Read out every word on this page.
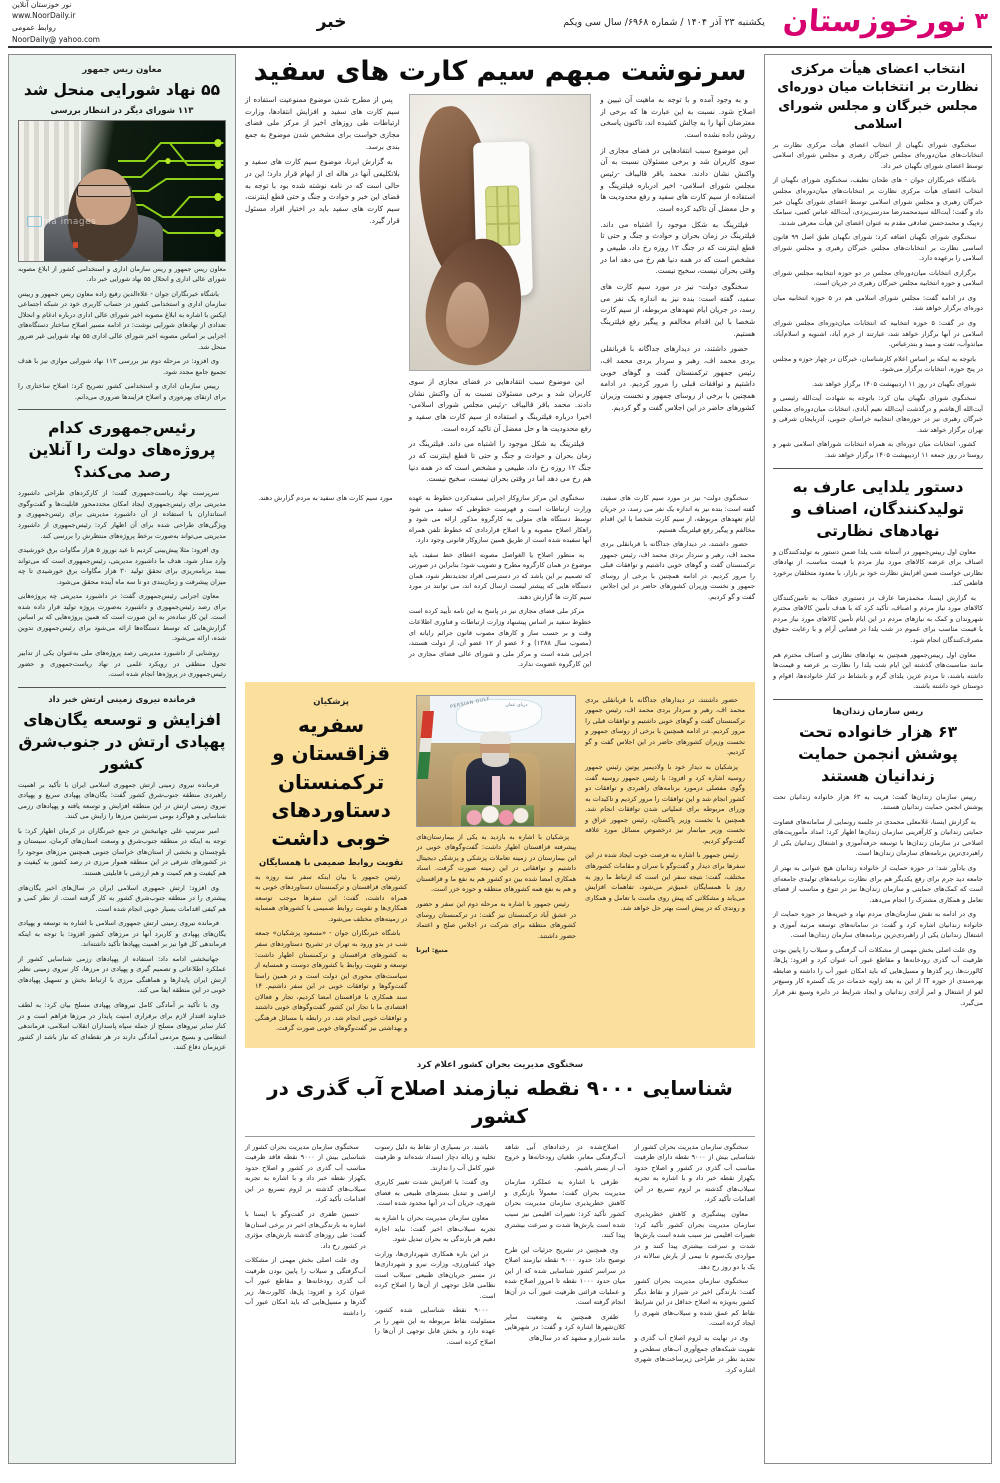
۳
نورخوزستان
یکشنبه ۲۳ آذر ۱۴۰۴ / شماره ۶۹۶۸/ سال سی ویکم
خبر
نور خوزستان آنلاین
www.NoorDaily.ir
روابط عمومی
NoorDaily@ yahoo.com
انتخاب اعضای هیأت مرکزی نظارت بر انتخابات میان دوره‌ای مجلس خبرگان و مجلس شورای اسلامی

سخنگوی شورای نگهبان از انتخاب اعضای هیأت مرکزی نظارت بر انتخابات‌های میان‌دوره‌ای مجلس خبرگان رهبری و مجلس شورای اسلامی توسط اعضای شورای نگهبان خبر داد.

باشگاه خبرنگاران جوان - های طحان نظیف، سخنگوی شورای نگهبان از انتخاب اعضای هیأت مرکزی نظارت بر انتخابات‌های میان‌دوره‌ای مجلس خبرگان رهبری و مجلس شورای اسلامی توسط اعضای شورای نگهبان خبر داد و گفت: آیت‌الله سیدمحمدرضا مدرسی‌یزدی، آیت‌الله عباس کعبی، سیامک ره‌پیک و محمدحسن صادقی مقدم به عنوان اعضای این هیأت معرفی شدند.

سخنگوی شورای نگهبان اضافه کرد: شورای نگهبان طبق اصل ۹۹ قانون اساسی نظارت بر انتخابات‌های مجلس خبرگان رهبری و مجلس شورای اسلامی را برعهده دارد.

برگزاری انتخابات میان‌دوره‌ای مجلس در دو حوزه انتخابیه مجلس شورای اسلامی و حوزه انتخابیه مجلس خبرگان رهبری در جریان است.

وی در ادامه گفت: مجلس شورای اسلامی هم در ۵ حوزه انتخابیه میان دوره‌ای برگزار خواهد شد.

وی در گفت: ۵ حوزه انتخابیه که انتخابات میان‌دوره‌ای مجلس شورای اسلامی در آنها برگزار خواهد شد، عبارتند از خرم آباد، اشنویه و اسلام‌آباد، میاندوآب، تفت و میبد و بندرعباس.

باتوجه به اینکه بر اساس اعلام کارشناسان، خبرگان در چهار حوزه و مجلس در پنج حوزه، انتخابات برگزار می‌شود.

شورای نگهبان در روز ۱۱ اردیبهشت ۱۴۰۵ برگزار خواهد شد.

سخنگوی شورای نگهبان بیان کرد: باتوجه به شهادت آیت‌الله رئیسی و آیت‌الله آل‌هاشم و درگذشت آیت‌الله نعیم آبادی، انتخابات میان‌دوره‌ای مجلس خبرگان رهبری نیز در حوزه‌های انتخابیه خراسان جنوبی، آذربایجان شرقی و تهران برگزار خواهد شد.

کشور، انتخابات میان دوره‌ای به همراه انتخابات شوراهای اسلامی شهر و روستا در روز جمعه ۱۱ اردیبهشت ۱۴۰۵ برگزار خواهد شد.

دستور یلدایی عارف به تولیدکنندگان، اصناف و نهادهای نظارتی

معاون اول رییس‌جمهور در آستانه شب یلدا ضمن دستور به تولیدکنندگان و اصناف برای عرضه کالاهای مورد نیاز مردم با قیمت مناسب، از نهادهای نظارتی خواست ضمن افزایش نظارت خود بر بازار، با معدود متخلفان برخورد قاطعی کند.

به گزارش ایسنا، محمدرضا عارف در دستوری خطاب به تامین‌کنندگان کالاهای مورد نیاز مردم و اصناف، تأکید کرد که با هدف تأمین کالاهای محترم شهروندان و کمک به نیازهای مردم در این ایام تأمین کالاهای مورد نیاز مردم با قیمت مناسب برای عموم در شب یلدا در فضایی آرام و با رعایت حقوق مصرف‌کنندگان انجام شود.

معاون اول رییس‌جمهور همچنین به نهادهای نظارتی و اصناف محترم هم مانند مناسبت‌های گذشته این ایام شب یلدا را نظارت بر عرضه و قیمت‌ها داشته باشند، تا مردم عزیز، یلدای گرم و بانشاط در کنار خانواده‌ها، اقوام و دوستان خود داشته باشند.

ریس سازمان زندان‌ها
۶۳ هزار خانواده تحت پوشش انجمن حمایت زندانیان هستند

رییس سازمان زندان‌ها گفت: قریب به ۶۳ هزار خانواده زندانیان تحت پوشش انجمن حمایت زندانیان هستند.

به گزارش ایسنا، غلامعلی محمدی در جلسه رونمایی از سامانه‌های قضاوت حمایتی زندانیان و کارآفرینی سازمان زندان‌ها اظهار کرد: امداد مأموریت‌های اصلاحی در سازمان زندان‌ها با توسعه حرفه‌آموزی و اشتغال زندانیان یکی از راهبردی‌ترین برنامه‌های سازمان زندان‌ها است.

وی یادآور شد: در حوزه حمایت از خانواده زندانیان هیچ عنوانی به بهتر از جامعه دید جرم برای رفع یکدیگر هم برای نظارت برنامه‌های تولیدی جامعه‌ای است که کمک‌های حمایتی و سازمان زندان‌ها نیز در تنوع و مناسب از فضای تعامل و همکاری مشترک را انجام می‌دهد.

وی در ادامه به نقش سازمان‌های مردم نهاد و خیریه‌ها در حوزه حمایت از خانواده زندانیان اشاره کرد و گفت: در سامانه‌های توسعه مرتبه آموزی و اشتغال زندانیان یکی از راهبردی‌ترین برنامه‌های سازمان زندان‌ها است.

وی علت اصلی بخش مهمی از مشکلات آب گرفتگی و سیلاب را پایین بودن ظرفیت آب گذری رودخانه‌ها و مقاطع عبور آب عنوان کرد و افزود: پل‌ها، کالورت‌ها، زیر گذرها و مسیل‌هایی که باید امکان عبور آب را داشته و ضابطه بهره‌مندی از حوزه IT از این به بعد زاویه خدمات در یک گستره کار وسیع‌تر لغو از اشتغال و امر آزادی زندانیان و ایجاد شرایط در دایره وسیع نفر فرار می‌گیرد.

سرنوشت مبهم سیم کارت های سفید

و به وجود آمده و با توجه به ماهیت آن تبیین و اصلاح شود. نسبت به این عبارت ها که برخی از معترضان آنها را به چالش کشیده اند، تاکنون پاسخی روشن داده نشده است.

این موضوع سبب انتقادهایی در فضای مجازی از سوی کاربران شد و برخی مسئولان نسبت به آن واکنش نشان دادند. محمد باقر قالیباف -رئیس مجلس شورای اسلامی- اخیر ادرباره فیلترینگ و استفاده از سیم کارت های سفید و رفع محدودیت ها و حل معضل آن تاکید کرده است.

فیلترینگ به شکل موجود را اشتباه می داند. فیلترینگ در زمان بحران و حوادث و جنگ و حتی تا قطع اینترنت که در جنگ ۱۲ روزه رخ داد، طبیعی و مشخص است که در همه دنیا هم رخ می دهد اما در وقتی بحران نیست، سخیح نیست.

سخنگوی دولت- نیز در مورد سیم کارت های سفید، گفته است: بنده نیز به اندازه یک نفر می رسد، در جریان ایام تعهدهای مربوطه، از سیم کارت شخصا با این اقدام مخالفم و پیگیر رفع فیلترینگ هستیم.

حضور داشتند، در دیدارهای جداگانه با قربانقلی بردی محمد اف، رهبر و سردار بردی محمد اف، رئیس جمهور ترکمنستان گفت و گوهای خوبی داشتیم و توافقات قبلی را مرور کردیم. در ادامه همچنین با برخی از روسای جمهور و نخست وزیران کشورهای حاضر در این اجلاس گفت و گو کردیم.

این موضوع سبب انتقادهایی در فضای مجازی از سوی کاربران شد و برخی مسئولان نسبت به آن واکنش نشان دادند. محمد باقر قالیباف -رئیس مجلس شورای اسلامی- اخیرا درباره فیلترینگ و استفاده از سیم کارت های سفید و رفع محدودیت ها و حل معضل آن تاکید کرده است.

فیلترینگ به شکل موجود را اشتباه می داند. فیلترینگ در زمان بحران و حوادث و جنگ و حتی تا قطع اینترنت که در جنگ ۱۲ روزه رخ داد، طبیعی و مشخص است که در همه دنیا هم رخ می دهد اما در وقتی بحران نیست، سخیح نیست.

پس از مطرح شدن موضوع ممنوعیت استفاده از سیم کارت های سفید و افزایش انتقادها، وزارت ارتباطات طی روزهای اخیر از مرکز ملی فضای مجازی خواست برای مشخص شدن موضوع به جمع بندی برسد.

به گزارش ایرنا، موضوع سیم کارت های سفید و بلاتکلیفی آنها در هاله ای از ابهام قرار دارد؛ این در حالی است که در نامه نوشته شده بود با توجه به فضای این خبر و حوادث و جنگ و حتی قطع اینترنت، سیم کارت های سفید باید در اختیار افراد مسئول قرار گیرد.

سخنگوی دولت- نیز در مورد سیم کارت های سفید، گفته است: بنده نیز به اندازه یک نفر می رسد، در جریان ایام تعهدهای مربوطه، از سیم کارت شخصا با این اقدام مخالفم و پیگیر رفع فیلترینگ هستیم.

حضور داشتند، در دیدارهای جداگانه با قربانقلی بردی محمد اف، رهبر و سردار بردی محمد اف، رئیس جمهور ترکمنستان گفت و گوهای خوبی داشتیم و توافقات قبلی را مرور کردیم. در ادامه همچنین با برخی از روسای جمهور و نخست وزیران کشورهای حاضر در این اجلاس گفت و گو کردیم.

سخنگوی این مرکز سازوکار اجرایی سفیدکردن خطوط به عهده وزارت ارتباطات است و فهرست خطوطی که سفید می شود توسط دستگاه های متولی به کارگروه مذکور ارائه می شود و راهکار اصلاح مصوبه و یا اصلاح قراردادی که خطوط تلفن همراه آنها سفیده شده است از طریق همین سازوکار قانونی وجود دارد.

به منظور اصلاح یا الغواصل مصوبه اعطای خط سفید، باید موضوع در همان کارگروه مطرح و تصویب شود؛ بنابراین در صورتی که تصمیم بر این باشد که در دسترسی افراد تجدیدنظر شود، همان دستگاه هایی که پیشتر لیست ارسال کرده اند، می توانند در مورد سیم کارت ها گزارش دهند.

مرکز ملی فضای مجازی نیز در پاسخ به این نامه تأیید کرده است خطوط سفید بر اساس پیشنهاد وزارت ارتباطات و فناوری اطلاعات وقت و بر حسب ساز و کارهای مصوب قانون جرائم رایانه ای (مصوب سال ۱۳۸۸) و ۶ عضو از ۱۲ عضو آن، از دولت هستند، اجرایی شده است و مرکز ملی و شورای عالی فضای مجازی در این کارگروه عضویت ندارد.

مورد سیم کارت های سفید به مردم گزارش دهند.

حضور داشتند، در دیدارهای جداگانه با قربانقلی بردی محمد اف، رهبر و سردار بردی محمد اف، رئیس جمهور ترکمنستان گفت و گوهای خوبی داشتیم و توافقات قبلی را مرور کردیم. در ادامه همچنین با برخی از روسای جمهور و نخست وزیران کشورهای حاضر در این اجلاس گفت و گو کردیم.

پزشکیان به دیدار خود با ولادیمیر پوتین رئیس جمهور روسیه اشاره کرد و افزود: با رئیس جمهور روسیه گفت وگوی مفصلی درمورد برنامه‌های راهبردی و توافقات دو کشور انجام شد و این توافقات را مرور کردیم و تاکیدات به وزرای مربوطه برای عملیاتی شدن توافقات انجام شد. همچنین با نخست وزیر پاکستان، رئیس جمهور عراق و نخست وزیر میانمار نیز درخصوص مسائل مورد علاقه گفت‌وگو کردیم.

رئیس جمهور با اشاره به فرصت خوب ایجاد شده در این سفرها برای دیدار و گفت‌وگو با سران و مقامات کشورهای مختلف، گفت: نتیجه سفر این است که ارتباط ما روز به روز با همسایگان عمیق‌تر می‌شود، تفاهمات افزایش می‌یابد و مشکلاتی که پیش روی ماست با تعامل و همکاری و روندی که در پیش است بهتر حل خواهد شد.

PERSIAN GULF	دریای عمان

پزشکیان با اشاره به بازدید به یکی از بیمارستان‌های پیشرفته قزاقستان اظهار داشت: گفت‌وگوهای خوبی در این بیمارستان در زمینه تعاملات پزشکی و پزشکی دیجیتال داشتیم و توافقاتی در این زمینه صورت گرفت. اسناد همکاری امضا شده بین دو کشور هم به نفع ما و قزاقستان و هم به نفع همه کشورهای منطقه و حوزه خزر است.

رئیس جمهور با اشاره به مرحله دوم این سفر و حضور در عشق آباد ترکمنستان نیز گفت: در ترکمنستان روسای کشورهای منطقه برای شرکت در اجلاس صلح و اعتماد حضور داشتند.

منبع: ایرنا

پزشکیان
سفریه قزاقستان و ترکمنستان دستاوردهای خوبی داشت
تقویت روابط صمیمی با همسایگان

رئیس جمهور با بیان اینکه سفر سه روزه به کشورهای قزاقستان و ترکمنستان دستاوردهای خوبی به همراه داشت، گفت: این سفرها موجب توسعه همکاری‌ها و تقویت روابط صمیمی با کشورهای همسایه در زمینه‌های مختلف می‌شود.

باشگاه خبرنگاران جوان - «مسعود پزشکیان» جمعه شب در بدو ورود به تهران در تشریح دستاوردهای سفر به کشورهای قزاقستان و ترکمنستان اظهار داشت: توسعه و تقویت روابط با کشورهای دوست و همسایه از سیاست‌های محوری این دولت است و در همین راستا گفت‌وگوها و توافقات خوبی در این سفر داشتیم. ۱۴ سند همکاری با قزاقستان امضا کردیم، تجار و فعالان اقتصادی ما با تجار این کشور گفت‌وگوهای خوبی داشتند و توافقات خوبی انجام شد. در رابطه با مسائل فرهنگی و بهداشتی نیز گفت‌وگوهای خوبی صورت گرفت.

سخنگوی مدیریت بحران کشور اعلام کرد
شناسایی ۹۰۰۰ نقطه نیازمند اصلاح آب گذری در کشور

سخنگوی سازمان مدیریت بحران کشور از شناسایی بیش از ۹۰۰۰ نقطه دارای ظرفیت مناسب آب گذری در کشور و اصلاح حدود یکهزار نقطه خبر داد و با اشاره به تجربه سیلاب‌های گذشته بر لزوم تسریع در این اقدامات تأکید کرد.

معاون پیشگیری و کاهش خطرپذیری سازمان مدیریت بحران کشور تأکید کرد: تغییرات اقلیمی نیز سبب شده است بارش‌ها شدت و سرعت بیشتری پیدا کنند و در مواردی یک‌سوم تا نیمی از بارش سالانه در یک یا دو روز رخ دهد.

سخنگوی سازمان مدیریت بحران کشور گفت: بارندگی اخیر در شیراز و نقاط دیگر کشور به‌ویژه به اصلاح حداقل در این شرایط نقاط کم عمق شده و سیلاب‌های شهری را ایجاد کرده است.

وی در نهایت به لزوم اصلاح آب گذری و تقویت شبکه‌های جمع‌آوری آب‌های سطحی و تجدید نظر در طراحی زیرساخت‌های شهری اشاره کرد.

اصلاح‌شده در رخدادهای آبی شاهد آب‌گرفتگی معابر، طغیان رودخانه‌ها و خروج آب از بستر باشیم.

ظرفی با اشاره به عملکرد سازمان مدیریت بحران گفت: معمولاً بازنگری و کاهش خطرپذیری سازمان مدیریت بحران کشور تأکید کرد: تغییرات اقلیمی نیز سبب شده است بارش‌ها شدت و سرعت بیشتری پیدا کنند.

وی همچنین در تشریح جزئیات این طرح توضیح داد: حدود ۹۰۰۰ نقطه نیازمند اصلاح در سراسر کشور شناسایی شده که از این میان حدود ۱۰۰۰ نقطه تا امروز اصلاح شده و عملیات قرائتی ظرفیت عبور آب در آن‌ها انجام گرفته است.

ظفری همچنین به وضعیت سایر کلان‌شهرها اشاره کرد و گفت: در شهرهایی مانند شیراز و مشهد که در سال‌های

باشند. در بسیاری از نقاط به دلیل رسوب تخلیه و زباله دچار انسداد شده‌اند و ظرفیت عبور کامل آب را ندارند.

وی گفت: با افزایش شدت تغییر کاربری اراضی و تبدیل بسترهای طبیعی به فضای شهری، جریان آب در آنها محدود شده است.

معاون سازمان مدیریت بحران با اشاره به تجربه سیلاب‌های اخیر گفت: نباید اجازه دهیم هر بارندگی به بحران تبدیل شود.

در این باره همکاری شهرداری‌ها، وزارت جهاد کشاورزی، وزارت نیرو و شهرداری‌ها در مسیر جریان‌های طبیعی سیلاب است نظامی قابل توجهی از آن‌ها را اصلاح کرده است.

۹۰۰۰ نقطه شناسایی شده کشور، مسئولیت نقاط مربوطه به این شهر را بر عهده دارد و بخش قابل توجهی از آن‌ها را اصلاح کرده است.

سخنگوی سازمان مدیریت بحران کشور از شناسایی بیش از ۹۰۰۰ نقطه فاقد ظرفیت مناسب آب گذری در کشور و اصلاح حدود یکهزار نقطه خبر داد و با اشاره به تجربه سیلاب‌های گذشته بر لزوم تسریع در این اقدامات تأکید کرد.

حسین ظفری در گفت‌وگو با ایسنا با اشاره به بارندگی‌های اخیر در برخی استان‌ها گفت: طی روزهای گذشته بارش‌های مؤثری در کشور رخ داد.

وی علت اصلی بخش مهمی از مشکلات آب‌گرفتگی و سیلاب را پایین بودن ظرفیت آب گذری رودخانه‌ها و مقاطع عبور آب عنوان کرد و افزود: پل‌ها، کالورت‌ها، زیر گذرها و مسیل‌هایی که باید امکان عبور آب را داشته

معاون ریس جمهور
۵۵ نهاد شورایی منحل شد
۱۱۳ شورای دیگر در انتظار بررسی
ma images
معاون ریس جمهور و ریس سازمان اداری و استخدامی کشور از ابلاغ مصوبه شورای عالی اداری و انحلال ۵۵ نهاد شورایی خبر داد.

باشگاه خبرنگاران جوان - علاءالدین رفیع زاده معاون ریس جمهور و رییس سازمان اداری و استخدامی کشور در حساب کاربری خود در شبکه اجتماعی ایکس با اشاره به ابلاغ مصوبه اخیر شورای عالی اداری درباره ادغام و انحلال تعدادی از نهادهای شورایی نوشت: در ادامه مسیر اصلاح ساختار دستگاه‌های اجرایی بر اساس مصوبه اخیر شورای عالی اداری ۵۵ نهاد شورایی غیر ضرور منحل شد.

وی افزود: در مرحله دوم نیز بررسی ۱۱۳ نهاد شورایی موازی نیز با هدف تجمیع جامع مجدد شود.

رییس سازمان اداری و استخدامی کشور تصریح کرد: اصلاح ساختاری را برای ارتقای بهره‌وری و اصلاح فرایندها ضروری می‌دانم.

رئیس‌جمهوری کدام پروژه‌های دولت را آنلاین رصد می‌کند؟

سرپرست نهاد ریاست‌جمهوری گفت: از کارکردهای طراحی داشبورد مدیریتی برای رئیس‌جمهوری ایجاد امکان محدد‌محور قابلیت‌ها و گفت‌وگوی استانداران با استفاده از آن داشبورد مدیریتی برای رئیس‌جمهوری و ویژگی‌های طراحی شده برای آن اظهار کرد: رئیس‌جمهوری از داشبورد مدیریتی می‌تواند به‌صورت برخط پروژه‌های منتظرش را بررسی کند.

وی افزود: مثلا پیش‌بینی کردیم تا عید نوروز ۵ هزار مگاوات برق خورشیدی وارد مدار شود. هدف ما داشبورد مدیریتی، رئیس‌جمهوری است که می‌تواند ببیند برنامه‌ریزی برای تحقق تولید ۳۰ هزار مگاوات برق خورشیدی تا چه میزان پیشرفت و زمان‌بندی دو تا سه ماه آینده محقق می‌شود.

معاون اجرایی رئیس‌جمهوری گفت: در داشبورد مدیریتی چه پروژه‌هایی برای رصد رئیس‌جمهوری و داشبورد به‌صورت پروژه تولید قرار داده شده است. این کار ساده‌تر به این صورت است که همین پروژه‌هایی که بر اساس گزارش‌هایی که توسط دستگاه‌ها ارائه می‌شود برای رئیس‌جمهوری تدوین شده، ارائه می‌شود.

روشنایی از داشبورد مدیریتی رصد پروژه‌های ملی به‌عنوان یکی از تدابیر تحول منطقی در رویکرد علمی در نهاد ریاست‌جمهوری و حضور رئیس‌جمهوری در پروژه‌ها انجام شده است.

فرمانده نیروی زمینی ارتش خبر داد
افزایش و توسعه یگان‌های پهپادی ارتش در جنوب‌شرق کشور

فرمانده نیروی زمینی ارتش جمهوری اسلامی ایران با تأکید بر اهمیت راهبردی منطقه جنوب‌شرق کشور گفت: یگان‌های پهپادی سریع و پهپادی نیروی زمینی ارتش در این منطقه افزایش و توسعه یافته و پهپادهای رزمی شناسایی و هواگرد بومی سرنشین مرزها را زایش می کنند.

امیر سرتیپ علی جهانبخش در جمع خبرنگاران در کرمان اظهار کرد: با توجه به اینکه در منطقه جنوب‌شرق و وسعت استان‌های کرمان، سیستان و بلوچستان و بخشی از استان‌های خراسان جنوبی همچنین مرزهای موجود را در کشورهای شرقی در این منطقه هموار مرزی در رصد کشور به کیفیت و هم کیفیت و هم کمیت و هم ارزشی با قابلیتی هستند.

وی افزود: ارتش جمهوری اسلامی ایران در سال‌های اخیر یگان‌های پیشتری را در منطقه جنوب‌شرق کشور به کار گرفته است. از نظر کمی و هم کیفی اقدامات بسیار خوبی انجام شده است.

فرمانده نیروی زمینی ارتش جمهوری اسلامی با اشاره به توسعه و پهپادی یگان‌های پهپادی و کاربرد آنها در مرزهای کشور افزود: با توجه به اینکه فرماندهی کل قوا نیز بر اهمیت پهپادها تأکید داشته‌اند.

جهانبخشی ادامه داد: استفاده از پهپادهای رزمی شناسایی کشور از عملکرد اطلاعاتی و تصمیم گیری و پهپادی در مرزها، کار نیروی زمینی نظیر ارتش ایران پایدارها و هماهنگی مرزی با ارتباط بخش و تسهیل پهپادهای خوبی در این منطقه ایفا می کند.

وی با تأکید بر آمادگی کامل نیروهای پهپادی مسلح بیان کرد: به لطف خداوند اقتدار لازم برای برقراری امنیت پایدار در مرزها فراهم است و در کنار سایر نیروهای مسلح از جمله سپاه پاسداران انقلاب اسلامی، فرماندهی انتظامی و بسیج مردمی آمادگی دارند در هر نقطه‌ای که نیاز باشد از کشور عزیزمان دفاع کنند.
